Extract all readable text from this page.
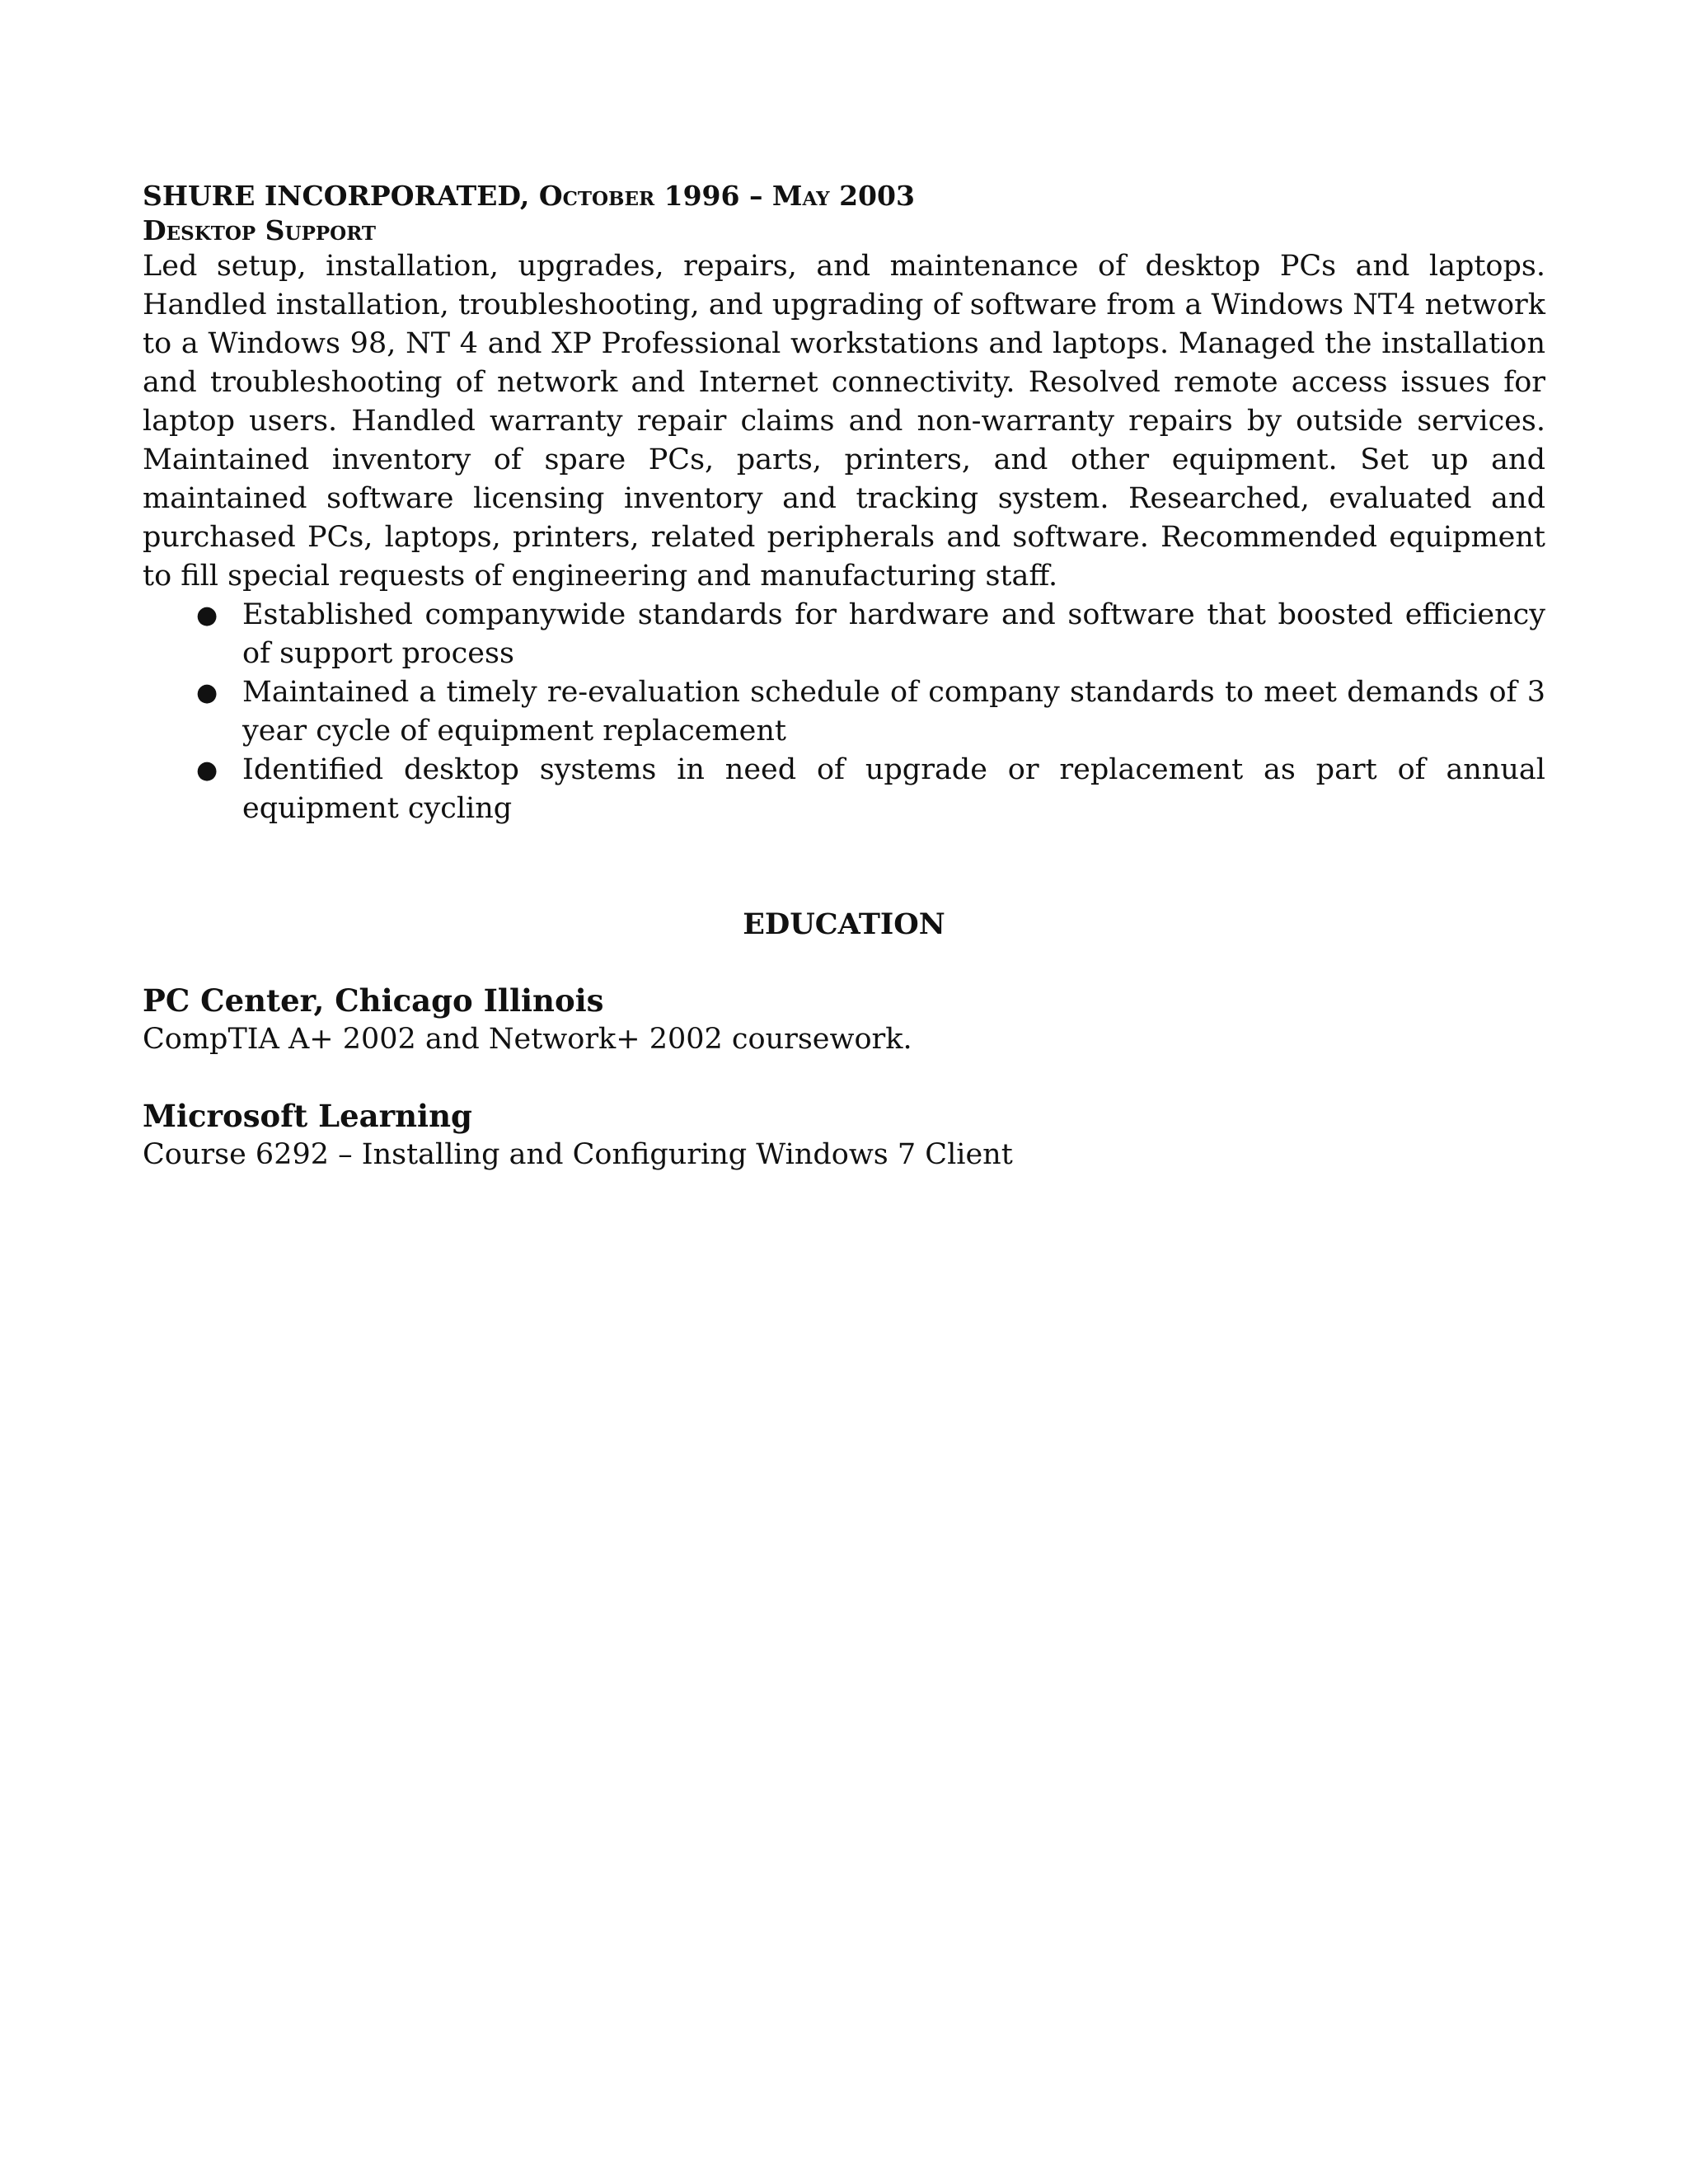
SHURE INCORPORATED, October 1996 – May 2003

Desktop Support

Led setup, installation, upgrades, repairs, and maintenance of desktop PCs and laptops. Handled installation, troubleshooting, and upgrading of software from a Windows NT4 network to a Windows 98, NT 4 and XP Professional workstations and laptops. Managed the installation and troubleshooting of network and Internet connectivity. Resolved remote access issues for laptop users. Handled warranty repair claims and non-warranty repairs by outside services. Maintained inventory of spare PCs, parts, printers, and other equipment. Set up and maintained software licensing inventory and tracking system. Researched, evaluated and purchased PCs, laptops, printers, related peripherals and software. Recommended equipment to fill special requests of engineering and manufacturing staff.

● Established companywide standards for hardware and software that boosted efficiency of support process
● Maintained a timely re-evaluation schedule of company standards to meet demands of 3 year cycle of equipment replacement
● Identified desktop systems in need of upgrade or replacement as part of annual equipment cycling

EDUCATION

PC Center, Chicago Illinois

CompTIA A+ 2002 and Network+ 2002 coursework.

Microsoft Learning

Course 6292 – Installing and Configuring Windows 7 Client
